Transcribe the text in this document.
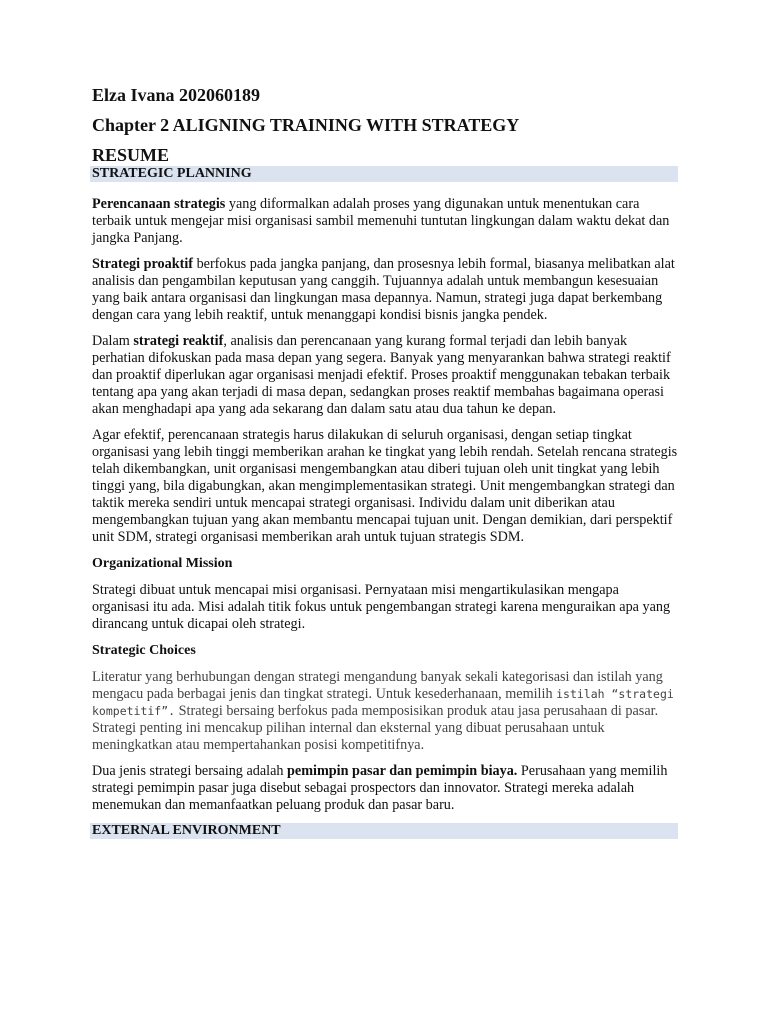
Elza Ivana 202060189
Chapter 2 ALIGNING TRAINING WITH STRATEGY
RESUME
STRATEGIC PLANNING

Perencanaan strategis yang diformalkan adalah proses yang digunakan untuk menentukan cara terbaik untuk mengejar misi organisasi sambil memenuhi tuntutan lingkungan dalam waktu dekat dan jangka Panjang.

Strategi proaktif berfokus pada jangka panjang, dan prosesnya lebih formal, biasanya melibatkan alat analisis dan pengambilan keputusan yang canggih. Tujuannya adalah untuk membangun kesesuaian yang baik antara organisasi dan lingkungan masa depannya. Namun, strategi juga dapat berkembang dengan cara yang lebih reaktif, untuk menanggapi kondisi bisnis jangka pendek.

Dalam strategi reaktif, analisis dan perencanaan yang kurang formal terjadi dan lebih banyak perhatian difokuskan pada masa depan yang segera. Banyak yang menyarankan bahwa strategi reaktif dan proaktif diperlukan agar organisasi menjadi efektif. Proses proaktif menggunakan tebakan terbaik tentang apa yang akan terjadi di masa depan, sedangkan proses reaktif membahas bagaimana operasi akan menghadapi apa yang ada sekarang dan dalam satu atau dua tahun ke depan.

Agar efektif, perencanaan strategis harus dilakukan di seluruh organisasi, dengan setiap tingkat organisasi yang lebih tinggi memberikan arahan ke tingkat yang lebih rendah. Setelah rencana strategis telah dikembangkan, unit organisasi mengembangkan atau diberi tujuan oleh unit tingkat yang lebih tinggi yang, bila digabungkan, akan mengimplementasikan strategi. Unit mengembangkan strategi dan taktik mereka sendiri untuk mencapai strategi organisasi. Individu dalam unit diberikan atau mengembangkan tujuan yang akan membantu mencapai tujuan unit. Dengan demikian, dari perspektif unit SDM, strategi organisasi memberikan arah untuk tujuan strategis SDM.

Organizational Mission

Strategi dibuat untuk mencapai misi organisasi. Pernyataan misi mengartikulasikan mengapa organisasi itu ada. Misi adalah titik fokus untuk pengembangan strategi karena menguraikan apa yang dirancang untuk dicapai oleh strategi.

Strategic Choices

Literatur yang berhubungan dengan strategi mengandung banyak sekali kategorisasi dan istilah yang mengacu pada berbagai jenis dan tingkat strategi. Untuk kesederhanaan, memilih istilah “strategi kompetitif”. Strategi bersaing berfokus pada memposisikan produk atau jasa perusahaan di pasar. Strategi penting ini mencakup pilihan internal dan eksternal yang dibuat perusahaan untuk meningkatkan atau mempertahankan posisi kompetitifnya.

Dua jenis strategi bersaing adalah pemimpin pasar dan pemimpin biaya. Perusahaan yang memilih strategi pemimpin pasar juga disebut sebagai prospectors dan innovator. Strategi mereka adalah menemukan dan memanfaatkan peluang produk dan pasar baru.

EXTERNAL ENVIRONMENT
